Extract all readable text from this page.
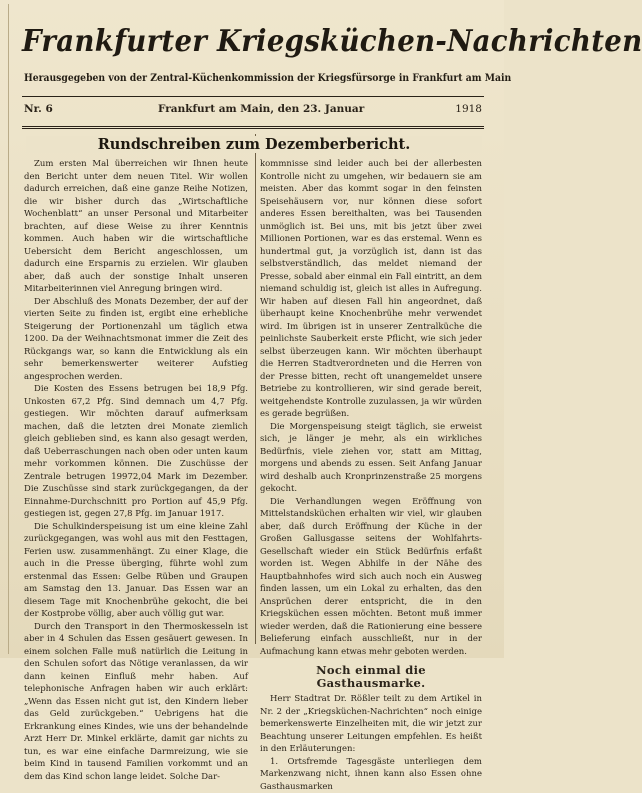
Frankfurter Kriegsküchen-Nachrichten
Herausgegeben von der Zentral-Küchenkommission der Kriegsfürsorge in Frankfurt am Main
Nr. 6	Frankfurt am Main, den 23. Januar	1918
Rundschreiben zum Dezemberbericht.

Zum ersten Mal überreichen wir Ihnen heute den Bericht unter dem neuen Titel. Wir wollen dadurch erreichen, daß eine ganze Reihe Notizen, die wir bisher durch das „Wirtschaftliche Wochenblatt“ an unser Personal und Mitarbeiter brachten, auf diese Weise zu ihrer Kenntnis kommen. Auch haben wir die wirtschaftliche Uebersicht dem Bericht angeschlossen, um dadurch eine Ersparnis zu erzielen. Wir glauben aber, daß auch der sonstige Inhalt unseren Mitarbeiterinnen viel Anregung bringen wird.

Der Abschluß des Monats Dezember, der auf der vierten Seite zu finden ist, ergibt eine erhebliche Steigerung der Portionenzahl um täglich etwa 1200. Da der Weihnachtsmonat immer die Zeit des Rückgangs war, so kann die Entwicklung als ein sehr bemerkenswerter weiterer Aufstieg angesprochen werden.

Die Kosten des Essens betrugen bei 18,9 Pfg. Unkosten 67,2 Pfg. Sind demnach um 4,7 Pfg. gestiegen. Wir möchten darauf aufmerksam machen, daß die letzten drei Monate ziemlich gleich geblieben sind, es kann also gesagt werden, daß Ueberraschungen nach oben oder unten kaum mehr vorkommen können. Die Zuschüsse der Zentrale betrugen 19972,04 Mark im Dezember. Die Zuschüsse sind stark zurückgegangen, da der Einnahme-Durchschnitt pro Portion auf 45,9 Pfg. gestiegen ist, gegen 27,8 Pfg. im Januar 1917.

Die Schulkinderspeisung ist um eine kleine Zahl zurückgegangen, was wohl aus mit den Festtagen, Ferien usw. zusammenhängt. Zu einer Klage, die auch in die Presse überging, führte wohl zum erstenmal das Essen: Gelbe Rüben und Graupen am Samstag den 13. Januar. Das Essen war an diesem Tage mit Knochenbrühe gekocht, die bei der Kostprobe völlig, aber auch völlig gut war.

Durch den Transport in den Thermoskesseln ist aber in 4 Schulen das Essen gesäuert gewesen. In einem solchen Falle muß natürlich die Leitung in den Schulen sofort das Nötige veranlassen, da wir dann keinen Einfluß mehr haben. Auf telephonische Anfragen haben wir auch erklärt: „Wenn das Essen nicht gut ist, den Kindern lieber das Geld zurückgeben.“ Uebrigens hat die Erkrankung eines Kindes, wie uns der behandelnde Arzt Herr Dr. Minkel erklärte, damit gar nichts zu tun, es war eine einfache Darmreizung, wie sie beim Kind in tausend Familien vorkommt und an dem das Kind schon lange leidet. Solche Dar-

kommnisse sind leider auch bei der allerbesten Kontrolle nicht zu umgehen, wir bedauern sie am meisten. Aber das kommt sogar in den feinsten Speisehäusern vor, nur können diese sofort anderes Essen bereithalten, was bei Tausenden unmöglich ist. Bei uns, mit bis jetzt über zwei Millionen Portionen, war es das erstemal. Wenn es hundertmal gut, ja vorzüglich ist, dann ist das selbstverständlich, das meldet niemand der Presse, sobald aber einmal ein Fall eintritt, an dem niemand schuldig ist, gleich ist alles in Aufregung. Wir haben auf diesen Fall hin angeordnet, daß überhaupt keine Knochenbrühe mehr verwendet wird. Im übrigen ist in unserer Zentralküche die peinlichste Sauberkeit erste Pflicht, wie sich jeder selbst überzeugen kann. Wir möchten überhaupt die Herren Stadtverordneten und die Herren von der Presse bitten, recht oft unangemeldet unsere Betriebe zu kontrollieren, wir sind gerade bereit, weitgehendste Kontrolle zuzulassen, ja wir würden es gerade begrüßen.

Die Morgenspeisung steigt täglich, sie erweist sich, je länger je mehr, als ein wirkliches Bedürfnis, viele ziehen vor, statt am Mittag, morgens und abends zu essen. Seit Anfang Januar wird deshalb auch Kronprinzenstraße 25 morgens gekocht.

Die Verhandlungen wegen Eröffnung von Mittelstandsküchen erhalten wir viel, wir glauben aber, daß durch Eröffnung der Küche in der Großen Gallusgasse seitens der Wohlfahrts-Gesellschaft wieder ein Stück Bedürfnis erfaßt worden ist. Wegen Abhilfe in der Nähe des Hauptbahnhofes wird sich auch noch ein Ausweg finden lassen, um ein Lokal zu erhalten, das den Ansprüchen derer entspricht, die in den Kriegsküchen essen möchten. Betont muß immer wieder werden, daß die Rationierung eine bessere Belieferung einfach ausschließt, nur in der Aufmachung kann etwas mehr geboten werden.

Noch einmal die Gasthausmarke.

Herr Stadtrat Dr. Rößler teilt zu dem Artikel in Nr. 2 der „Kriegsküchen-Nachrichten“ noch einige bemerkenswerte Einzelheiten mit, die wir jetzt zur Beachtung unserer Leitungen empfehlen. Es heißt in den Erläuterungen:

1. Ortsfremde Tagesgäste unterliegen dem Markenzwang nicht, ihnen kann also Essen ohne Gasthausmarken
